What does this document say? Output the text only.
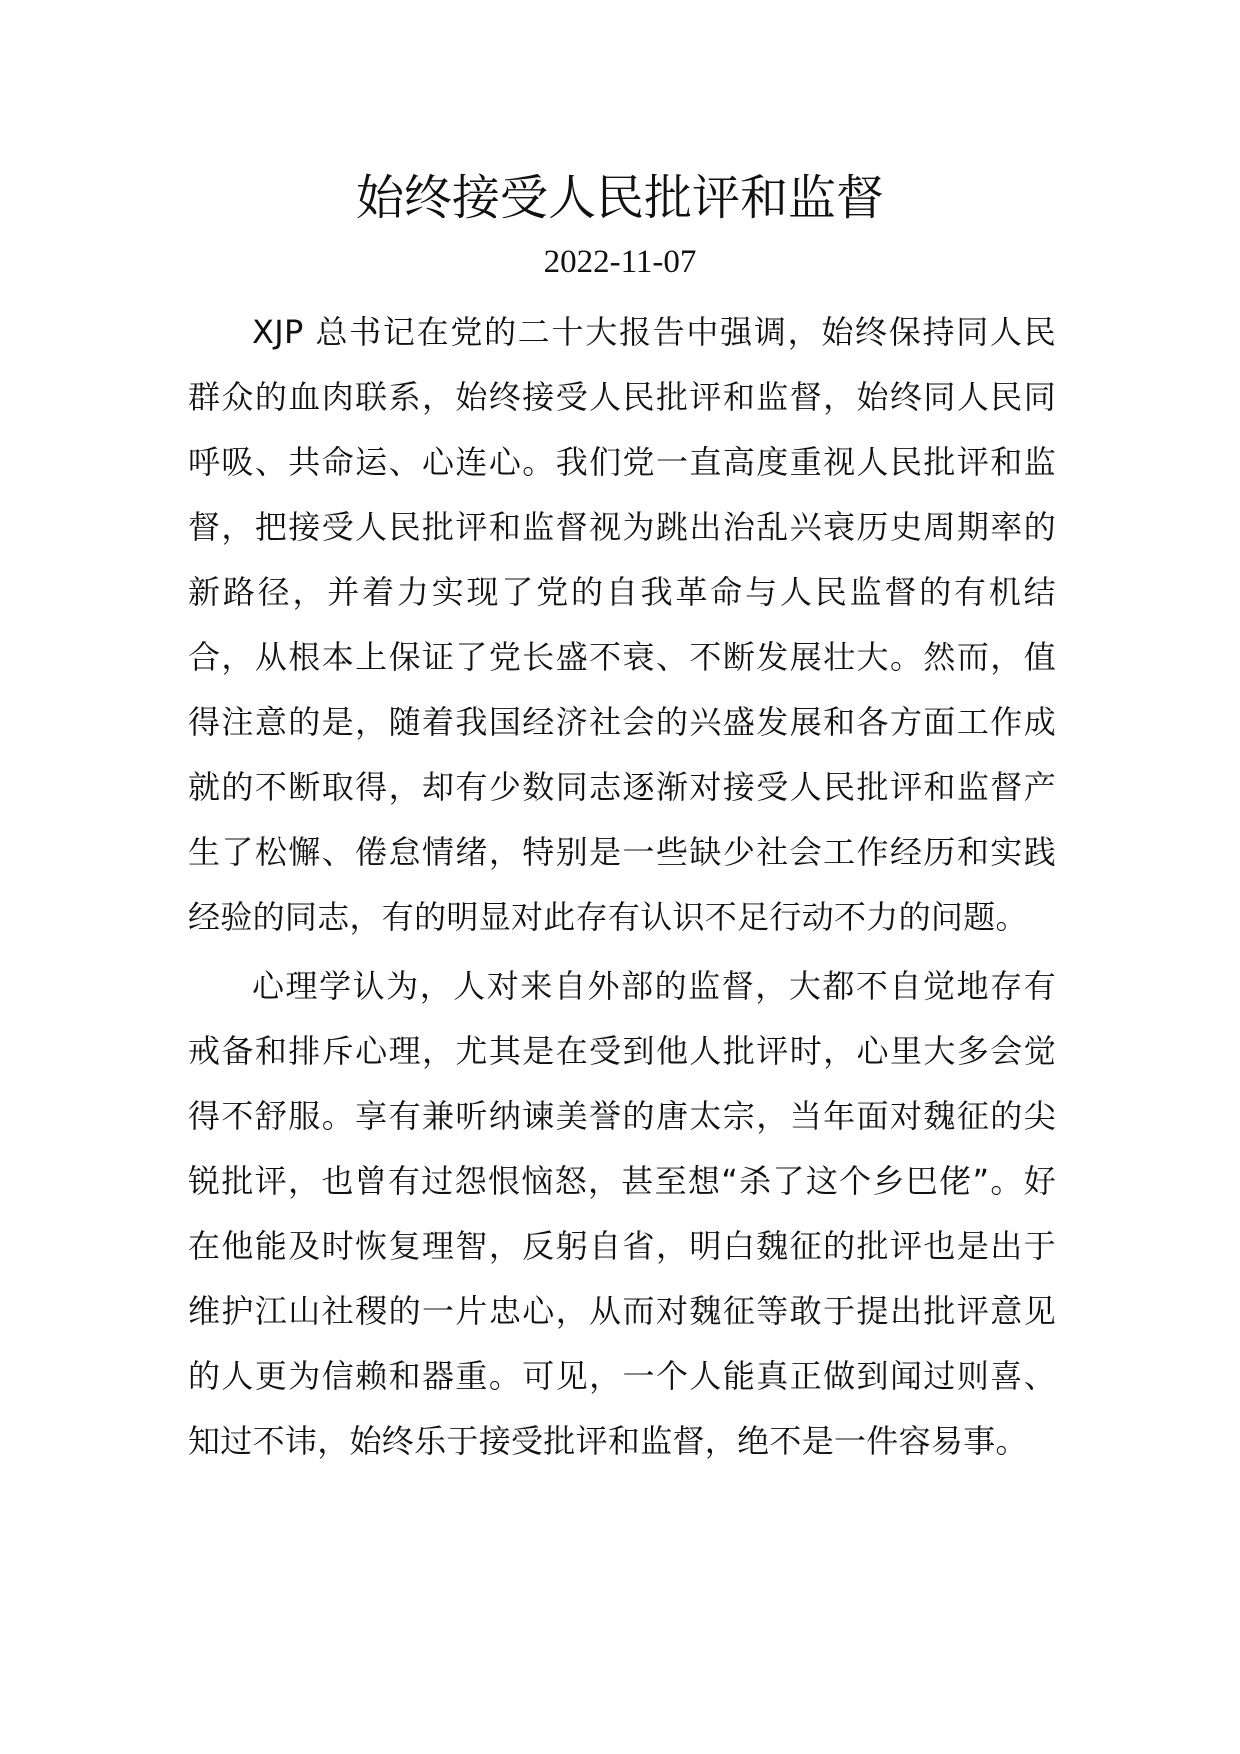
始终接受人民批评和监督
2022-11-07

XJP 总书记在党的二十大报告中强调，始终保持同人民群众的血肉联系，始终接受人民批评和监督，始终同人民同呼吸、共命运、心连心。我们党一直高度重视人民批评和监督，把接受人民批评和监督视为跳出治乱兴衰历史周期率的新路径，并着力实现了党的自我革命与人民监督的有机结合，从根本上保证了党长盛不衰、不断发展壮大。然而，值得注意的是，随着我国经济社会的兴盛发展和各方面工作成就的不断取得，却有少数同志逐渐对接受人民批评和监督产生了松懈、倦怠情绪，特别是一些缺少社会工作经历和实践经验的同志，有的明显对此存有认识不足行动不力的问题。

心理学认为，人对来自外部的监督，大都不自觉地存有戒备和排斥心理，尤其是在受到他人批评时，心里大多会觉得不舒服。享有兼听纳谏美誉的唐太宗，当年面对魏征的尖锐批评，也曾有过怨恨恼怒，甚至想“杀了这个乡巴佬”。好在他能及时恢复理智，反躬自省，明白魏征的批评也是出于维护江山社稷的一片忠心，从而对魏征等敢于提出批评意见的人更为信赖和器重。可见，一个人能真正做到闻过则喜、知过不讳，始终乐于接受批评和监督，绝不是一件容易事。
